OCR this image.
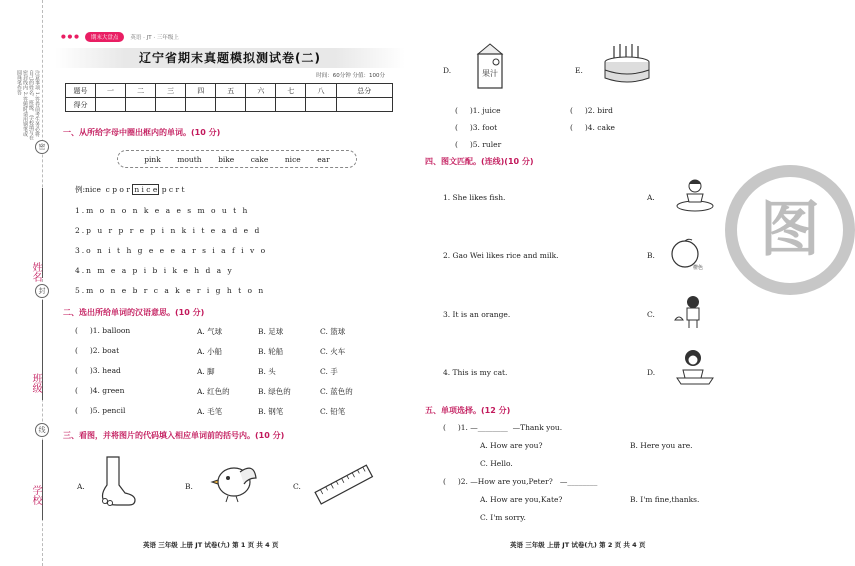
注意事项 1.答卷前考生务必将自己的姓名、班级、学校填写在密封线内 2.答题时请用钢笔或圆珠笔作答
姓名
密
封
班级
线
学校
● ● ●	期末大盘点	英语 · JT · 三年级上
辽宁省期末真题模拟测试卷(二)
时间：60分钟 分值：100分
题号	一	二	三	四	五	六	七	八	总分
得分									
一、从所给字母中圈出框内的单词。(10 分)
pink mouth bike cake nice ear
例:nice  c p o r n i c e p c r t
1.m o n o n k e a e s m o u t h
2.p u r p r e p i n k i t e a d e d
3.o n i t h g e e e a r s i a f i v o
4.n m e a p i b i k e h d a y
5.m o n e b r c a k e r i g h t o n
二、选出所给单词的汉语意思。(10 分)
(     )1. balloon	A. 气球	B. 足球	C. 篮球
(     )2. boat	A. 小船	B. 轮船	C. 火车
(     )3. head	A. 脚	B. 头	C. 手
(     )4. green	A. 红色的	B. 绿色的	C. 蓝色的
(     )5. pencil	A. 毛笔	B. 钢笔	C. 铅笔
三、看图，并将图片的代码填入相应单词前的括号内。(10 分)
A.	B.	C.
英语 三年级 上册 JT 试卷(九) 第 1 页 共 4 页
D.	果汁	E.
(     )1. juice	(     )2. bird
(     )3. foot	(     )4. cake
(     )5. ruler
四、图文匹配。(连线)(10 分)
1. She likes fish.	A.
2. Gao Wei likes rice and milk.	B.
橙色
3. It is an orange.	C.
4. This is my cat.	D.
五、单项选择。(12 分)
(     )1. —________  —Thank you.
A. How are you?	B. Here you are.
C. Hello.
(     )2. —How are you,Peter?   —________
A. How are you,Kate?	B. I'm fine,thanks.
C. I'm sorry.
英语 三年级 上册 JT 试卷(九) 第 2 页 共 4 页
图
